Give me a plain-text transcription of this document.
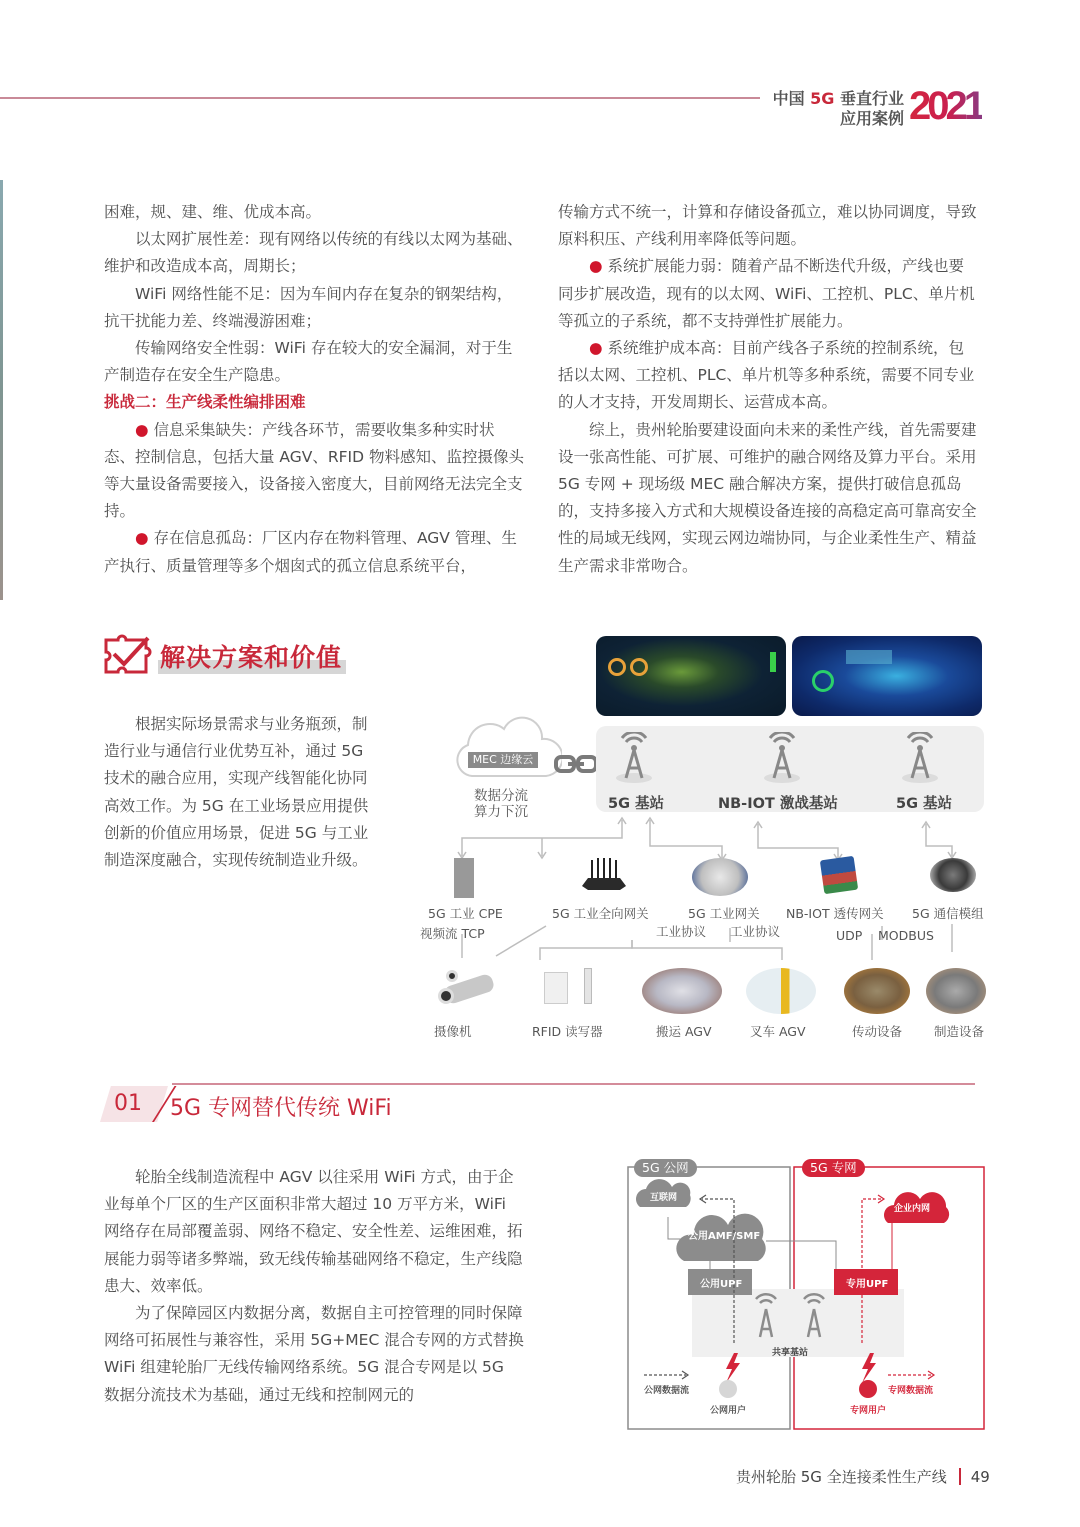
中国 5G 垂直行业
应用案例 2021

困难，规、建、维、优成本高。

以太网扩展性差：现有网络以传统的有线以太网为基础、维护和改造成本高，周期长；

WiFi 网络性能不足：因为车间内存在复杂的钢架结构，抗干扰能力差、终端漫游困难；

传输网络安全性弱：WiFi 存在较大的安全漏洞，对于生产制造存在安全生产隐患。

挑战二：生产线柔性编排困难

● 信息采集缺失：产线各环节，需要收集多种实时状态、控制信息，包括大量 AGV、RFID 物料感知、监控摄像头等大量设备需要接入，设备接入密度大，目前网络无法完全支持。

● 存在信息孤岛：厂区内存在物料管理、AGV 管理、生产执行、质量管理等多个烟囱式的孤立信息系统平台，

传输方式不统一，计算和存储设备孤立，难以协同调度，导致原料积压、产线利用率降低等问题。

● 系统扩展能力弱：随着产品不断迭代升级，产线也要同步扩展改造，现有的以太网、WiFi、工控机、PLC、单片机等孤立的子系统，都不支持弹性扩展能力。

● 系统维护成本高：目前产线各子系统的控制系统，包括以太网、工控机、PLC、单片机等多种系统，需要不同专业的人才支持，开发周期长、运营成本高。

综上，贵州轮胎要建设面向未来的柔性产线，首先需要建设一张高性能、可扩展、可维护的融合网络及算力平台。采用 5G 专网 + 现场级 MEC 融合解决方案，提供打破信息孤岛的，支持多接入方式和大规模设备连接的高稳定高可靠高安全性的局域无线网，实现云网边端协同，与企业柔性生产、精益生产需求非常吻合。

解决方案和价值

根据实际场景需求与业务瓶颈，制造行业与通信行业优势互补，通过 5G 技术的融合应用，实现产线智能化协同高效工作。为 5G 在工业场景应用提供创新的价值应用场景，促进 5G 与工业制造深度融合，实现传统制造业升级。

MEC 边缘云
数据分流
算力下沉	5G 基站	NB-IOT 激战基站	5G 基站
5G 工业 CPE	5G 工业全向网关	5G 工业网关 NB-IOT 透传网关 5G 通信模组
视频流 TCP	工业协议 工业协议	UDP MODBUS
摄像机	RFID 读写器	搬运 AGV	叉车 AGV	传动设备	制造设备
01 5G 专网替代传统 WiFi

轮胎全线制造流程中 AGV 以往采用 WiFi 方式，由于企业每单个厂区的生产区面积非常大超过 10 万平方米，WiFi 网络存在局部覆盖弱、网络不稳定、安全性差、运维困难，拓展能力弱等诸多弊端，致无线传输基础网络不稳定，生产线隐患大、效率低。

为了保障园区内数据分离，数据自主可控管理的同时保障网络可拓展性与兼容性，采用 5G+MEC 混合专网的方式替换 WiFi 组建轮胎厂无线传输网络系统。5G 混合专网是以 5G 数据分流技术为基础，通过无线和控制网元的

5G 公网	5G 专网
互联网
公用AMF/SMF
公用UPF	专用UPF
企业内网
共享基站
公网数据流	专网数据流
公网用户	专网用户
贵州轮胎 5G 全连接柔性生产线 49
